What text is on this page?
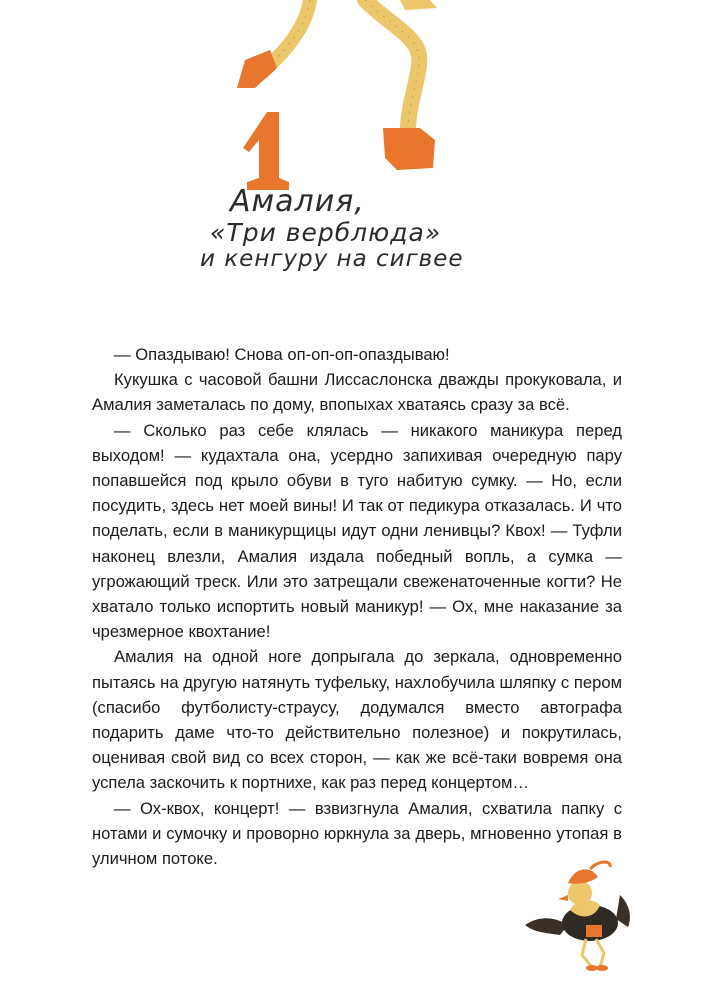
Амалия,
«Три верблюда»
и кенгуру на сигвее

— Опаздываю! Снова оп-оп-оп-опаздываю!

Кукушка с часовой башни Лиссаслонска дважды прокуковала, и Амалия заметалась по дому, впопыхах хватаясь сразу за всё.

— Сколько раз себе клялась — никакого маникура перед выходом! — кудахтала она, усердно запихивая очередную пару попавшейся под крыло обуви в туго набитую сумку. — Но, если посудить, здесь нет моей вины! И так от педикура отказалась. И что поделать, если в маникурщицы идут одни ленивцы? Квох! — Туфли наконец влезли, Амалия издала победный вопль, а сумка — угрожающий треск. Или это затрещали свеженаточенные когти? Не хватало только испортить новый маникур! — Ох, мне наказание за чрезмерное квохтание!

Амалия на одной ноге допрыгала до зеркала, одновременно пытаясь на другую натянуть туфельку, нахлобучила шляпку с пером (спасибо футболисту-страусу, додумался вместо автографа подарить даме что-то действительно полезное) и покрутилась, оценивая свой вид со всех сторон, — как же всё-таки вовремя она успела заскочить к портнихе, как раз перед концертом…

— Ох-квох, концерт! — взвизгнула Амалия, схватила папку с нотами и сумочку и проворно юркнула за дверь, мгновенно утопая в уличном потоке.
